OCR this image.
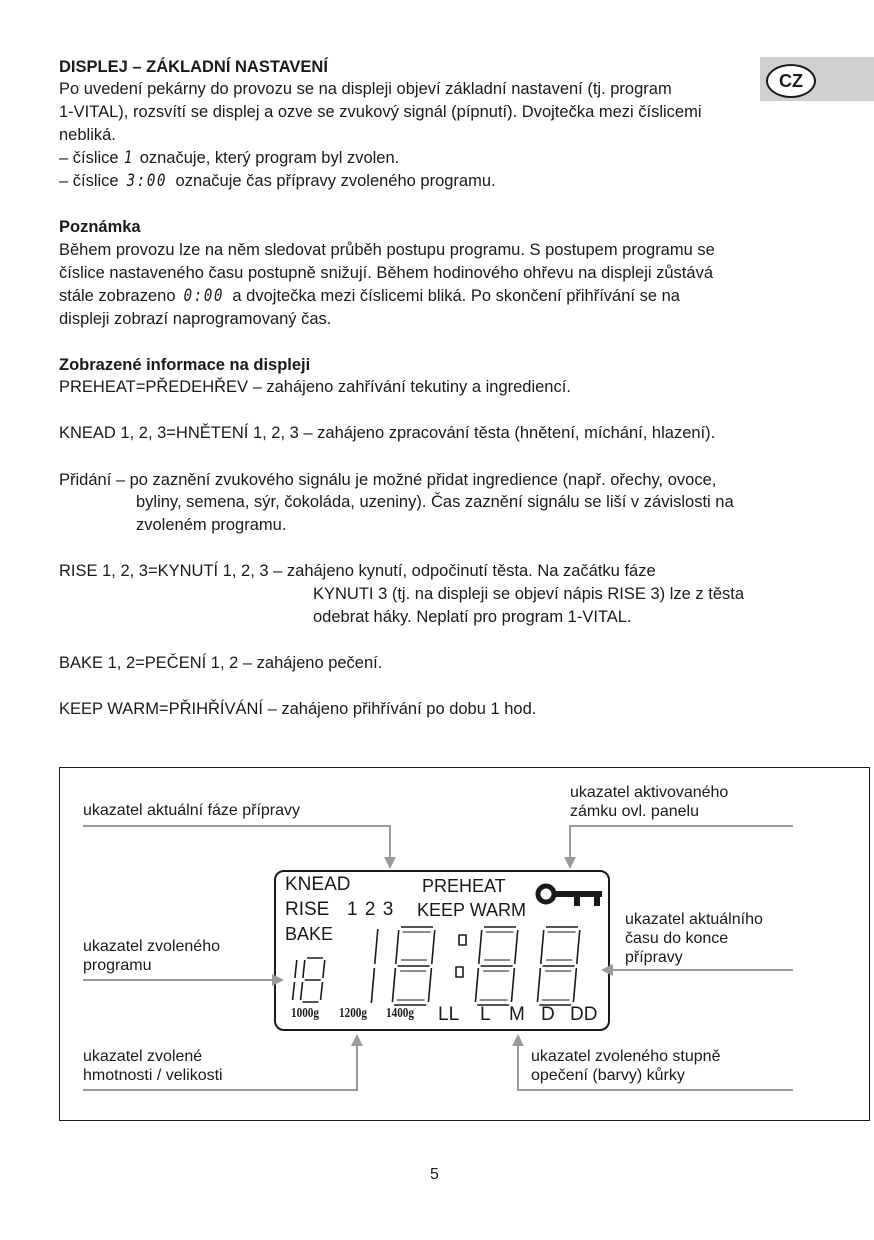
CZ
DISPLEJ – ZÁKLADNÍ NASTAVENÍ
Po uvedení pekárny do provozu se na displeji objeví základní nastavení (tj. program
1-VITAL), rozsvítí se displej a ozve se zvukový signál (pípnutí). Dvojtečka mezi číslicemi
nebliká.
– číslice 1 označuje, který program byl zvolen.
– číslice 3:00 označuje čas přípravy zvoleného programu.
Poznámka
Během provozu lze na něm sledovat průběh postupu programu. S postupem programu se
číslice nastaveného času postupně snižují. Během hodinového ohřevu na displeji zůstává
stále zobrazeno 0:00 a dvojtečka mezi číslicemi bliká. Po skončení přihřívání se na
displeji zobrazí naprogramovaný čas.
Zobrazené informace na displeji
PREHEAT=PŘEDEHŘEV – zahájeno zahřívání tekutiny a ingrediencí.
KNEAD 1, 2, 3=HNĚTENÍ 1, 2, 3 – zahájeno zpracování těsta (hnětení, míchání, hlazení).
Přidání – po zaznění zvukového signálu je možné přidat ingredience (např. ořechy, ovoce,
byliny, semena, sýr, čokoláda, uzeniny). Čas zaznění signálu se liší v závislosti na
zvoleném programu.
RISE 1, 2, 3=KYNUTÍ 1, 2, 3 – zahájeno kynutí, odpočinutí těsta. Na začátku fáze
KYNUTI 3 (tj. na displeji se objeví nápis RISE 3) lze z těsta
odebrat háky. Neplatí pro program 1-VITAL.
BAKE 1, 2=PEČENÍ 1, 2 – zahájeno pečení.
KEEP WARM=PŘIHŘÍVÁNÍ – zahájeno přihřívání po dobu 1 hod.
ukazatel aktuální fáze přípravy
ukazatel aktivovaného
zámku ovl. panelu
ukazatel zvoleného
programu
ukazatel aktuálního
času do konce
přípravy
ukazatel zvolené
hmotnosti / velikosti
ukazatel zvoleného stupně
opečení (barvy) kůrky
KNEAD	PREHEAT
RISE 1 2 3 KEEP WARM
BAKE
1000g 1200g 1400g LL L M D DD
5
